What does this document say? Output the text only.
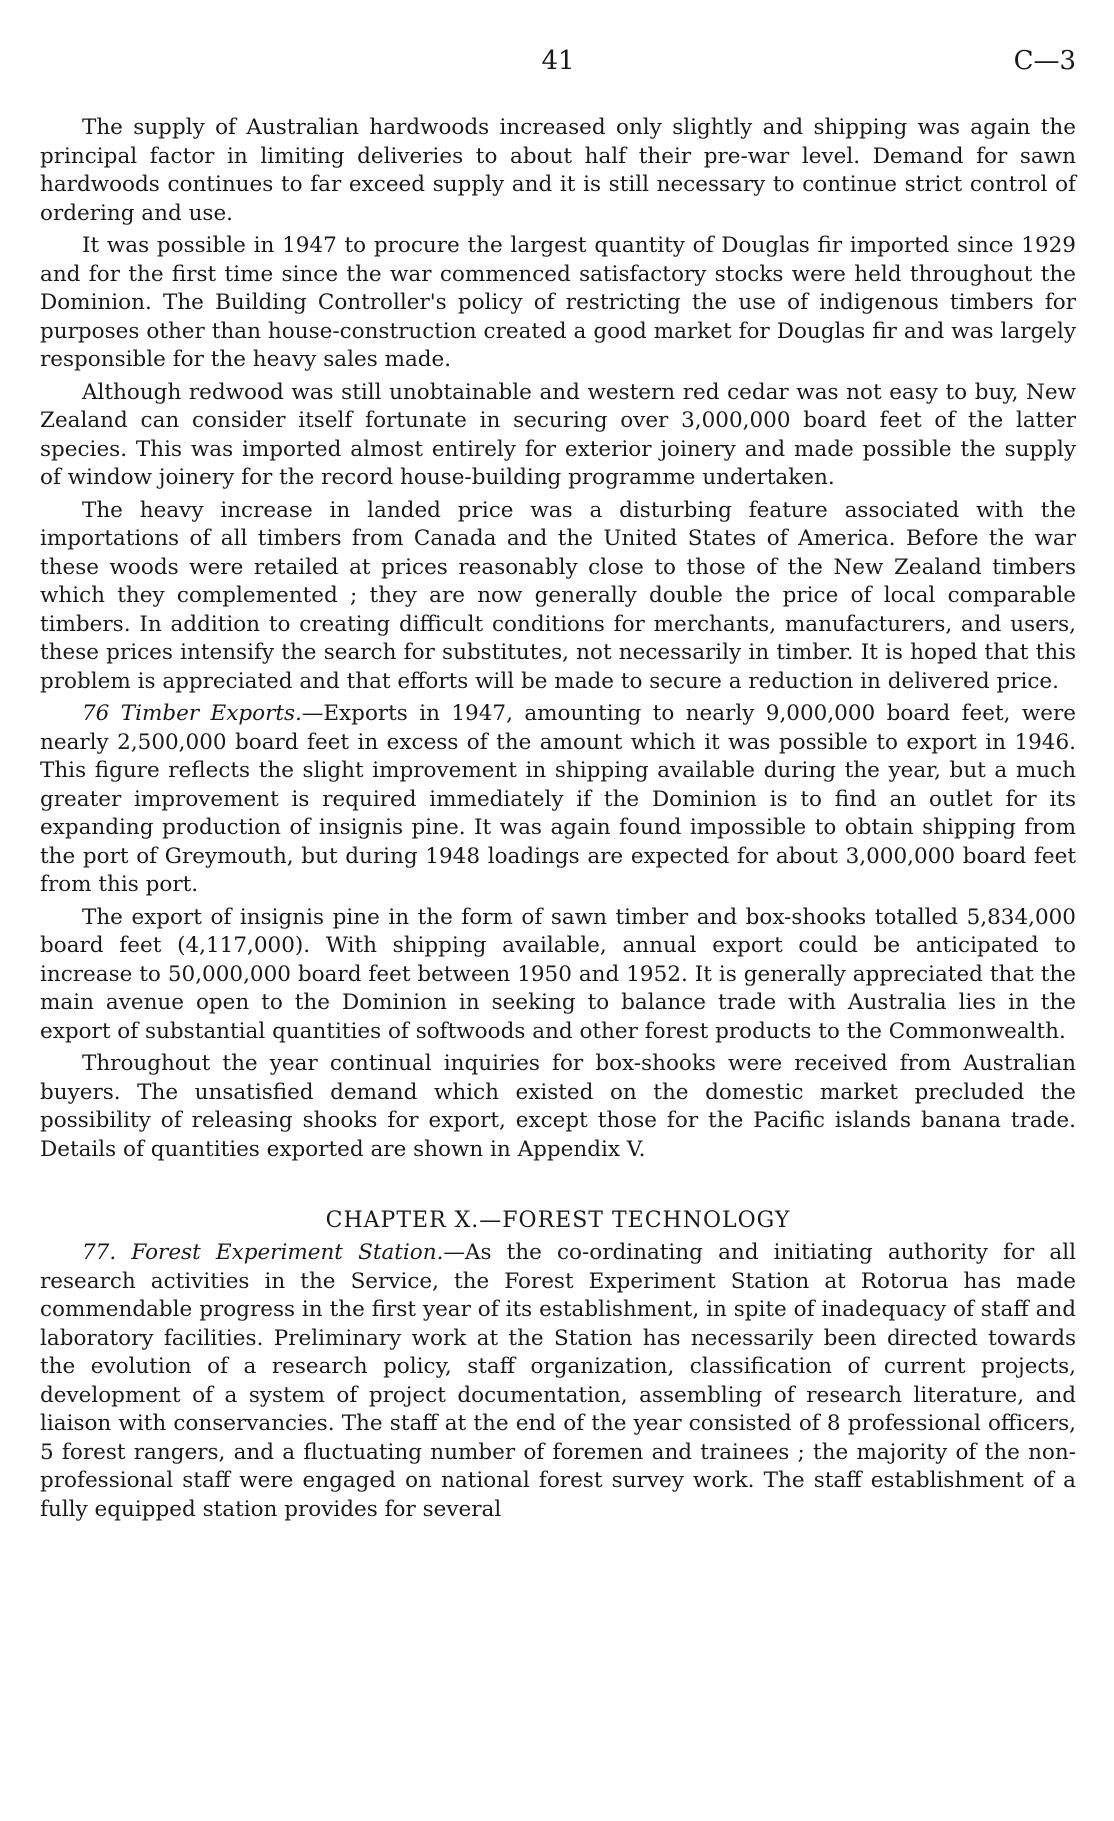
41	C—3

The supply of Australian hardwoods increased only slightly and shipping was again the principal factor in limiting deliveries to about half their pre-war level. Demand for sawn hardwoods continues to far exceed supply and it is still necessary to continue strict control of ordering and use.

It was possible in 1947 to procure the largest quantity of Douglas fir imported since 1929 and for the first time since the war commenced satisfactory stocks were held throughout the Dominion. The Building Controller's policy of restricting the use of indigenous timbers for purposes other than house-construction created a good market for Douglas fir and was largely responsible for the heavy sales made.

Although redwood was still unobtainable and western red cedar was not easy to buy, New Zealand can consider itself fortunate in securing over 3,000,000 board feet of the latter species. This was imported almost entirely for exterior joinery and made possible the supply of window joinery for the record house-building programme undertaken.

The heavy increase in landed price was a disturbing feature associated with the importations of all timbers from Canada and the United States of America. Before the war these woods were retailed at prices reasonably close to those of the New Zealand timbers which they complemented ; they are now generally double the price of local comparable timbers. In addition to creating difficult conditions for merchants, manufacturers, and users, these prices intensify the search for substitutes, not necessarily in timber. It is hoped that this problem is appreciated and that efforts will be made to secure a reduction in delivered price.

76 Timber Exports.—Exports in 1947, amounting to nearly 9,000,000 board feet, were nearly 2,500,000 board feet in excess of the amount which it was possible to export in 1946. This figure reflects the slight improvement in shipping available during the year, but a much greater improvement is required immediately if the Dominion is to find an outlet for its expanding production of insignis pine. It was again found impossible to obtain shipping from the port of Greymouth, but during 1948 loadings are expected for about 3,000,000 board feet from this port.

The export of insignis pine in the form of sawn timber and box-shooks totalled 5,834,000 board feet (4,117,000). With shipping available, annual export could be anticipated to increase to 50,000,000 board feet between 1950 and 1952. It is generally appreciated that the main avenue open to the Dominion in seeking to balance trade with Australia lies in the export of substantial quantities of softwoods and other forest products to the Commonwealth.

Throughout the year continual inquiries for box-shooks were received from Australian buyers. The unsatisfied demand which existed on the domestic market precluded the possibility of releasing shooks for export, except those for the Pacific islands banana trade. Details of quantities exported are shown in Appendix V.

CHAPTER X.—FOREST TECHNOLOGY

77. Forest Experiment Station.—As the co-ordinating and initiating authority for all research activities in the Service, the Forest Experiment Station at Rotorua has made commendable progress in the first year of its establishment, in spite of inadequacy of staff and laboratory facilities. Preliminary work at the Station has necessarily been directed towards the evolution of a research policy, staff organization, classification of current projects, development of a system of project documentation, assembling of research literature, and liaison with conservancies. The staff at the end of the year consisted of 8 professional officers, 5 forest rangers, and a fluctuating number of foremen and trainees ; the majority of the non-professional staff were engaged on national forest survey work. The staff establishment of a fully equipped station provides for several
